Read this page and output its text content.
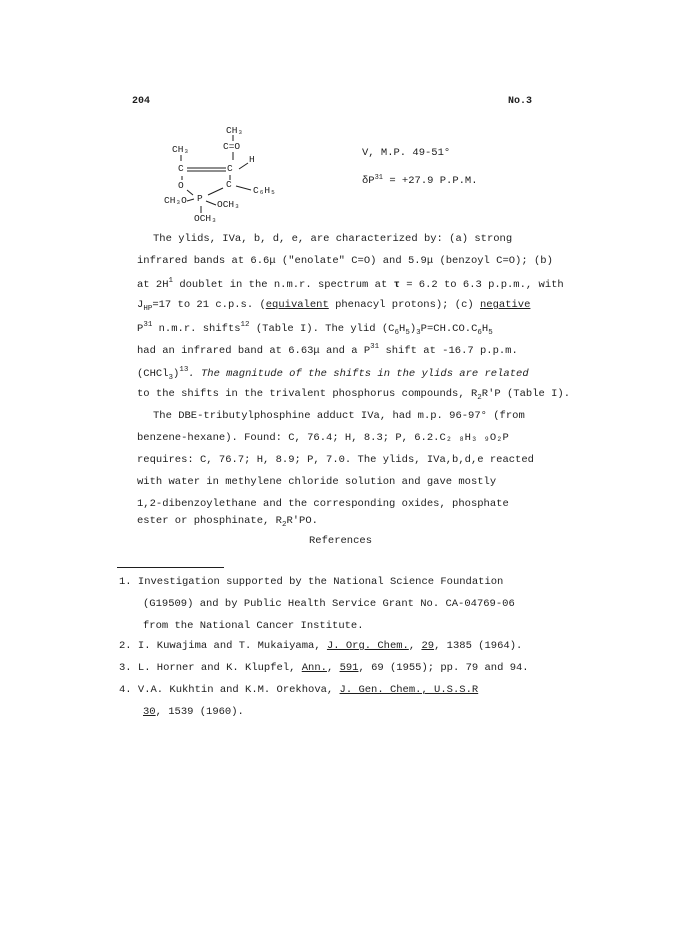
204	No.3
CH₃
C=O
CH₃
C	C
H
O	C
C₆H₅
CH₃O P
OCH₃
OCH₃
V, M.P. 49-51°
$\delta P^{31} = +27.9$ P.P.M.
The ylids, IVa, b, d, e, are characterized by: (a) strong
infrared bands at 6.6μ ("enolate" C=O) and 5.9μ (benzoyl C=O); (b)
at $2H^1$ doublet in the n.m.r. spectrum at τ = 6.2 to 6.3 p.p.m., with
$J_{HP}=17$ to 21 c.p.s. (equivalent phenacyl protons); (c) negative
$P^{31}$ n.m.r. shifts$^{12}$ (Table I). The ylid $(C_6H_5)_3P=CH.CO.C_6H_5$
had an infrared band at 6.63μ and a $P^{31}$ shift at -16.7 p.p.m.
(CHCl$_3$)$^{13}$. The magnitude of the shifts in the ylids are related
to the shifts in the trivalent phosphorus compounds, $R_2R'P$ (Table I).
The DBE-tributylphosphine adduct IVa, had m.p. 96-97° (from
benzene-hexane). Found: C, 76.4; H, 8.3; P, 6.2.C₂ ₈H₃ ₉O₂P
requires: C, 76.7; H, 8.9; P, 7.0. The ylids, IVa,b,d,e reacted
with water in methylene chloride solution and gave mostly
1,2-dibenzoylethane and the corresponding oxides, phosphate
ester or phosphinate, $R_2R'PO$.
References
1. Investigation supported by the National Science Foundation
(G19509) and by Public Health Service Grant No. CA-04769-06
from the National Cancer Institute.
2. I. Kuwajima and T. Mukaiyama, J. Org. Chem., 29, 1385 (1964).
3. L. Horner and K. Klupfel, Ann., 591, 69 (1955); pp. 79 and 94.
4. V.A. Kukhtin and K.M. Orekhova, J. Gen. Chem., U.S.S.R
30, 1539 (1960).
